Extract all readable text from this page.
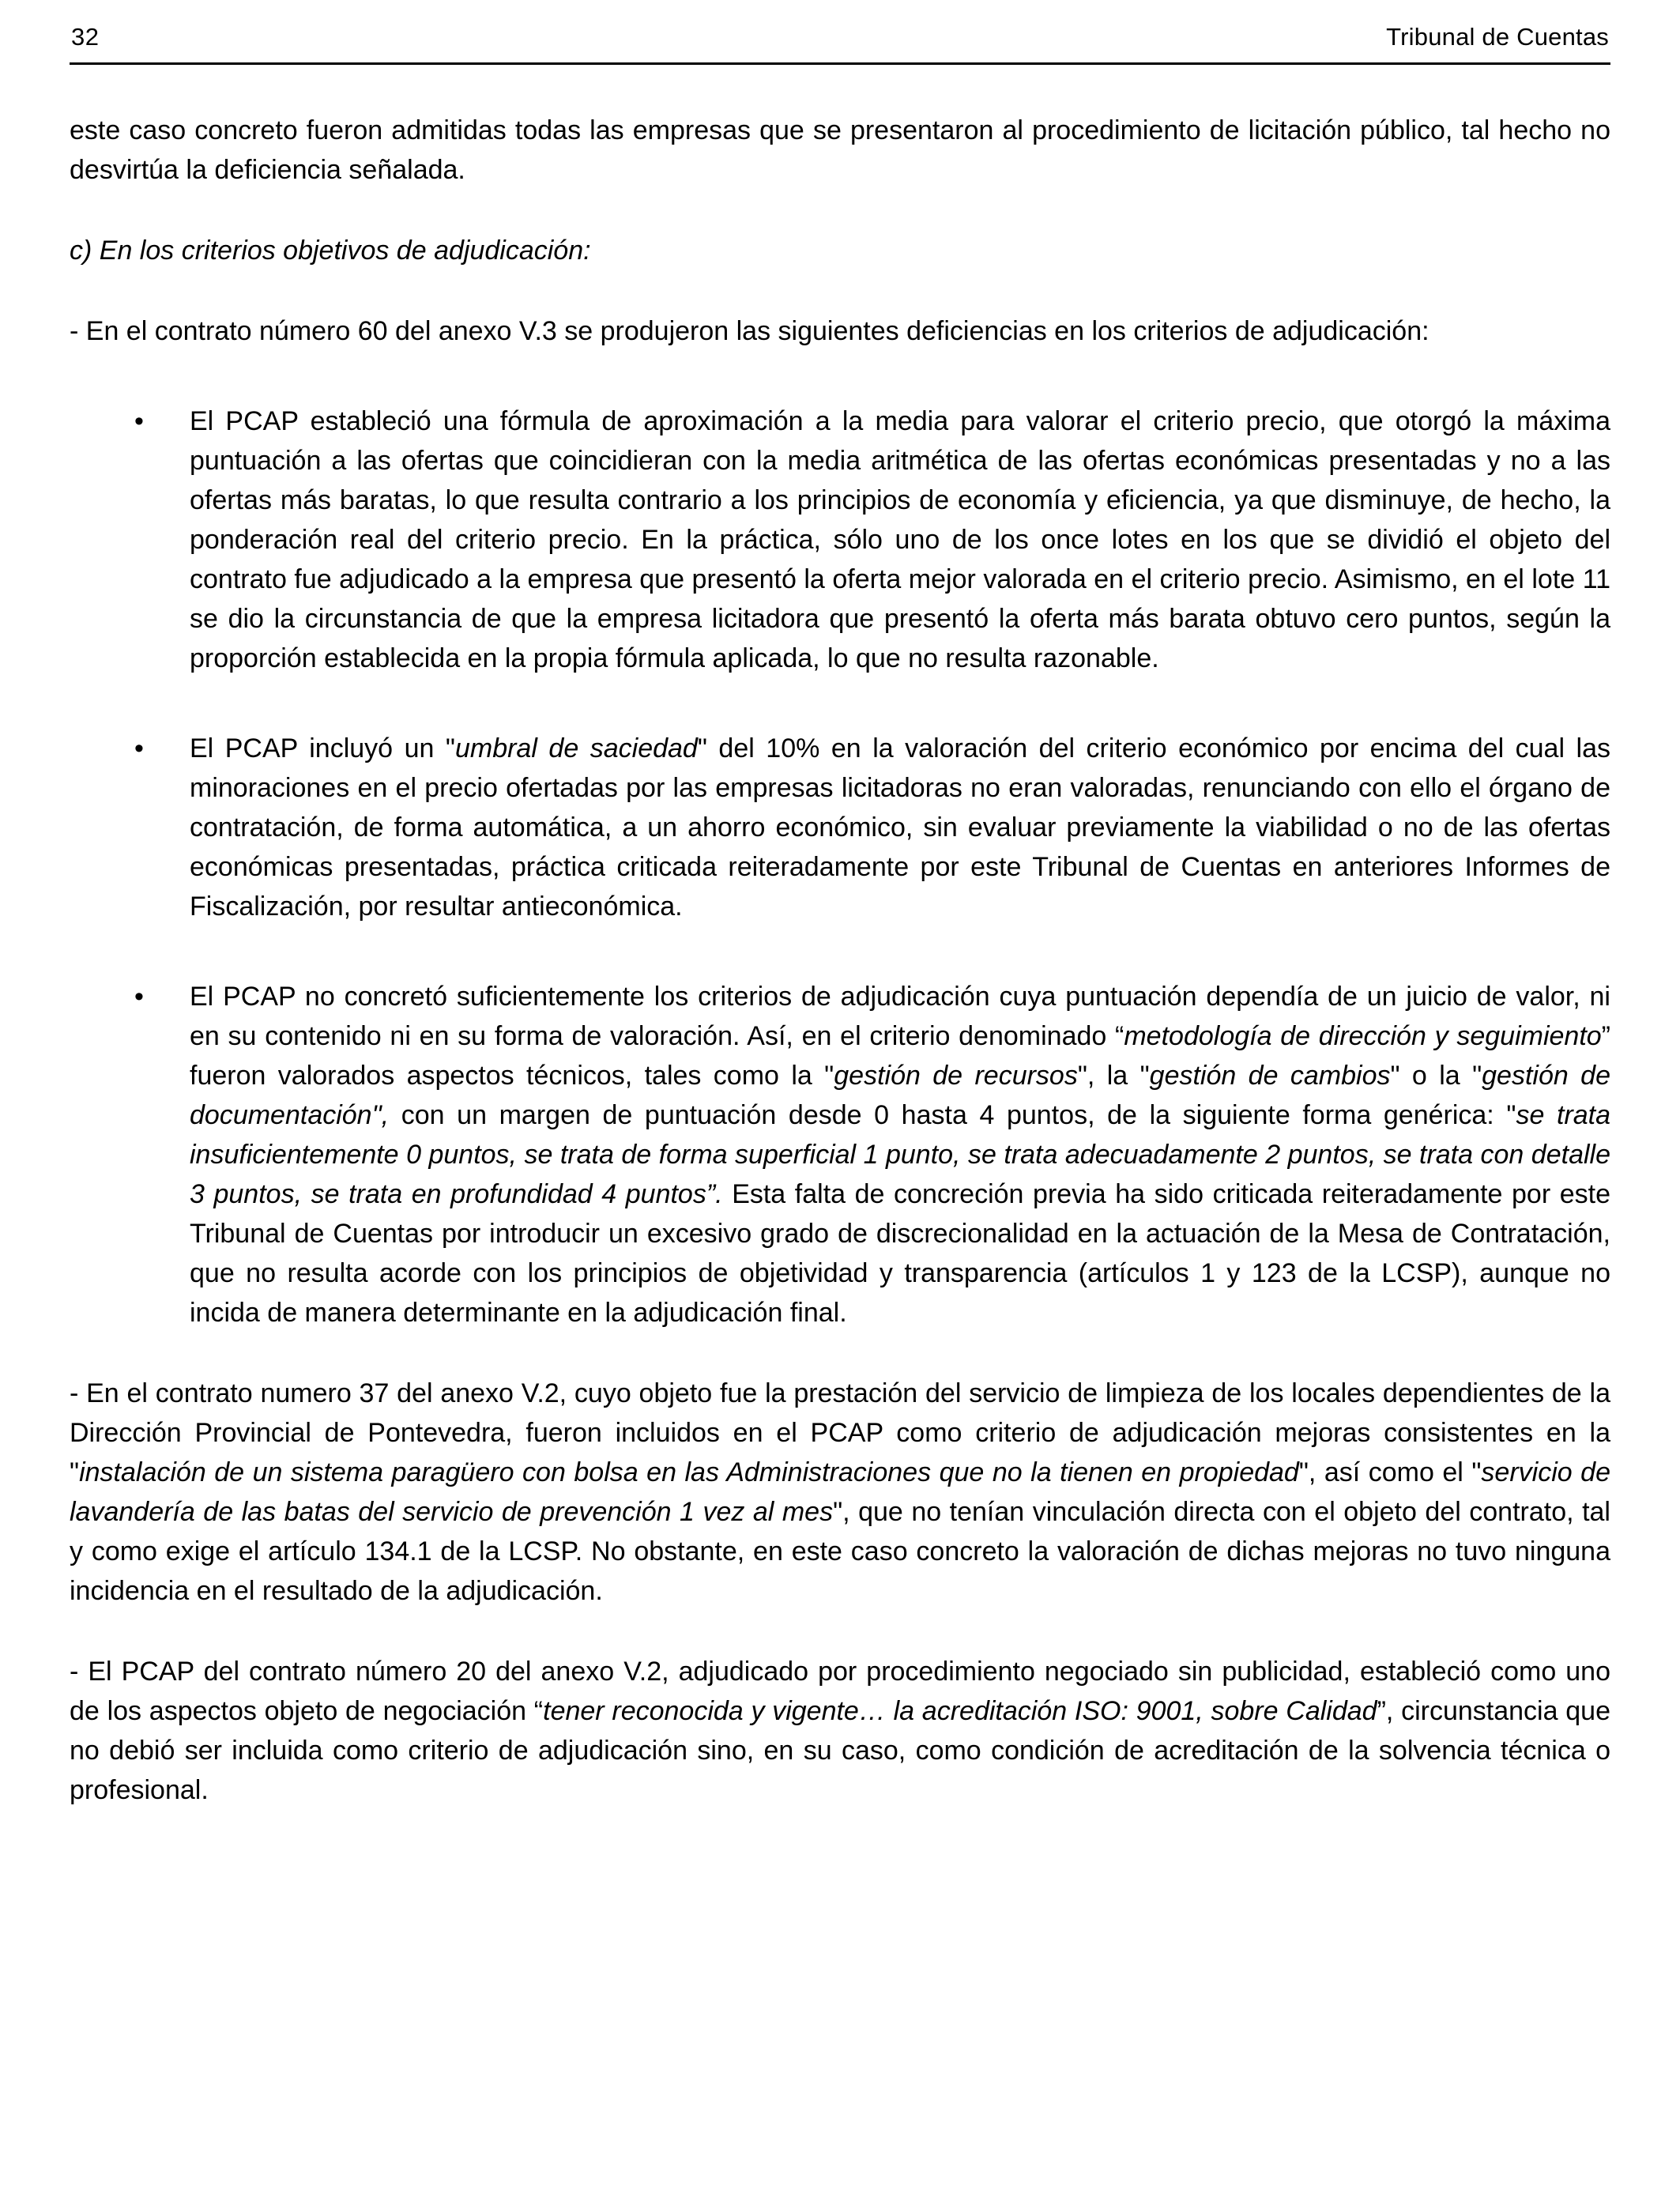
32	Tribunal de Cuentas

este caso concreto fueron admitidas todas las empresas que se presentaron al procedimiento de licitación público, tal hecho no desvirtúa la deficiencia señalada.

c) En los criterios objetivos de adjudicación:

- En el contrato número 60 del anexo V.3 se produjeron las siguientes deficiencias en los criterios de adjudicación:

•	El PCAP estableció una fórmula de aproximación a la media para valorar el criterio precio, que otorgó la máxima puntuación a las ofertas que coincidieran con la media aritmética de las ofertas económicas presentadas y no a las ofertas más baratas, lo que resulta contrario a los principios de economía y eficiencia, ya que disminuye, de hecho, la ponderación real del criterio precio. En la práctica, sólo uno de los once lotes en los que se dividió el objeto del contrato fue adjudicado a la empresa que presentó la oferta mejor valorada en el criterio precio. Asimismo, en el lote 11 se dio la circunstancia de que la empresa licitadora que presentó la oferta más barata obtuvo cero puntos, según la proporción establecida en la propia fórmula aplicada, lo que no resulta razonable.
•	El PCAP incluyó un "umbral de saciedad" del 10% en la valoración del criterio económico por encima del cual las minoraciones en el precio ofertadas por las empresas licitadoras no eran valoradas, renunciando con ello el órgano de contratación, de forma automática, a un ahorro económico, sin evaluar previamente la viabilidad o no de las ofertas económicas presentadas, práctica criticada reiteradamente por este Tribunal de Cuentas en anteriores Informes de Fiscalización, por resultar antieconómica.
•	El PCAP no concretó suficientemente los criterios de adjudicación cuya puntuación dependía de un juicio de valor, ni en su contenido ni en su forma de valoración. Así, en el criterio denominado “metodología de dirección y seguimiento” fueron valorados aspectos técnicos, tales como la "gestión de recursos", la "gestión de cambios" o la "gestión de documentación", con un margen de puntuación desde 0 hasta 4 puntos, de la siguiente forma genérica: "se trata insuficientemente 0 puntos, se trata de forma superficial 1 punto, se trata adecuadamente 2 puntos, se trata con detalle 3 puntos, se trata en profundidad 4 puntos”. Esta falta de concreción previa ha sido criticada reiteradamente por este Tribunal de Cuentas por introducir un excesivo grado de discrecionalidad en la actuación de la Mesa de Contratación, que no resulta acorde con los principios de objetividad y transparencia (artículos 1 y 123 de la LCSP), aunque no incida de manera determinante en la adjudicación final.

- En el contrato numero 37 del anexo V.2, cuyo objeto fue la prestación del servicio de limpieza de los locales dependientes de la Dirección Provincial de Pontevedra, fueron incluidos en el PCAP como criterio de adjudicación mejoras consistentes en la "instalación de un sistema paragüero con bolsa en las Administraciones que no la tienen en propiedad", así como el "servicio de lavandería de las batas del servicio de prevención 1 vez al mes", que no tenían vinculación directa con el objeto del contrato, tal y como exige el artículo 134.1 de la LCSP. No obstante, en este caso concreto la valoración de dichas mejoras no tuvo ninguna incidencia en el resultado de la adjudicación.

- El PCAP del contrato número 20 del anexo V.2, adjudicado por procedimiento negociado sin publicidad, estableció como uno de los aspectos objeto de negociación “tener reconocida y vigente… la acreditación ISO: 9001, sobre Calidad”, circunstancia que no debió ser incluida como criterio de adjudicación sino, en su caso, como condición de acreditación de la solvencia técnica o profesional.
